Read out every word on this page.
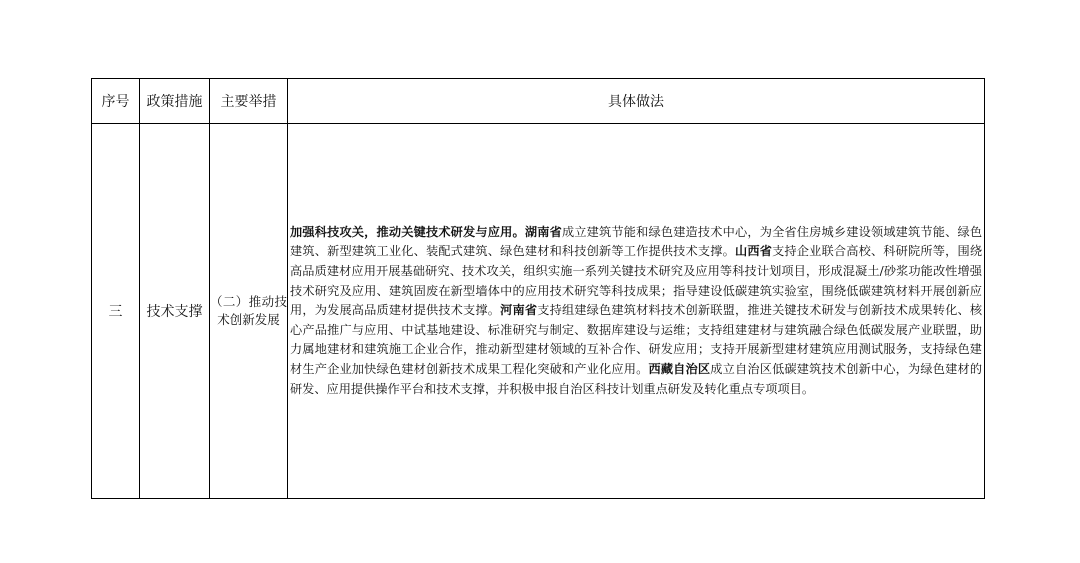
序号	政策措施	主要举措	具体做法
三	技术支撑	（二）推动技术创新发展	加强科技攻关，推动关键技术研发与应用。湖南省成立建筑节能和绿色建造技术中心，为全省住房城乡建设领域建筑节能、绿色建筑、新型建筑工业化、装配式建筑、绿色建材和科技创新等工作提供技术支撑。山西省支持企业联合高校、科研院所等，围绕高品质建材应用开展基础研究、技术攻关，组织实施一系列关键技术研究及应用等科技计划项目，形成混凝土/砂浆功能改性增强技术研究及应用、建筑固废在新型墙体中的应用技术研究等科技成果；指导建设低碳建筑实验室，围绕低碳建筑材料开展创新应用，为发展高品质建材提供技术支撑。河南省支持组建绿色建筑材料技术创新联盟，推进关键技术研发与创新技术成果转化、核心产品推广与应用、中试基地建设、标准研究与制定、数据库建设与运维；支持组建建材与建筑融合绿色低碳发展产业联盟，助力属地建材和建筑施工企业合作，推动新型建材领域的互补合作、研发应用；支持开展新型建材建筑应用测试服务，支持绿色建材生产企业加快绿色建材创新技术成果工程化突破和产业化应用。西藏自治区成立自治区低碳建筑技术创新中心，为绿色建材的研发、应用提供操作平台和技术支撑，并积极申报自治区科技计划重点研发及转化重点专项项目。
